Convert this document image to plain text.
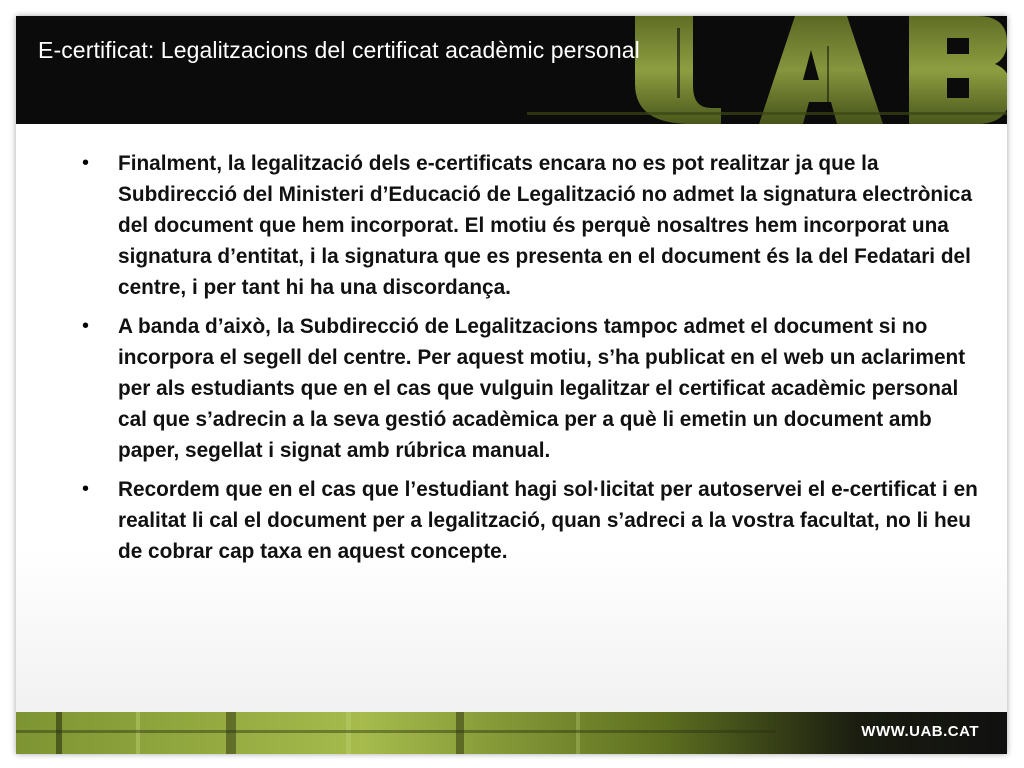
E-certificat: Legalitzacions del certificat acadèmic personal
• Finalment, la legalització dels e-certificats encara no es pot realitzar ja que la Subdirecció del Ministeri d’Educació de Legalització no admet la signatura electrònica del document que hem incorporat. El motiu és perquè nosaltres hem incorporat una signatura d’entitat, i la signatura que es presenta en el document és la del Fedatari del centre, i per tant hi ha una discordança.
• A banda d’això, la Subdirecció de Legalitzacions tampoc admet el document si no incorpora el segell del centre. Per aquest motiu, s’ha publicat en el web un aclariment per als estudiants que en el cas que vulguin legalitzar el certificat acadèmic personal cal que s’adrecin a la seva gestió acadèmica per a què li emetin un document amb paper, segellat i signat amb rúbrica manual.
• Recordem que en el cas que l’estudiant hagi sol·licitat per autoservei el e-certificat i en realitat li cal el document per a legalització, quan s’adreci a la vostra facultat, no li heu de cobrar cap taxa en aquest concepte.
WWW.UAB.CAT
